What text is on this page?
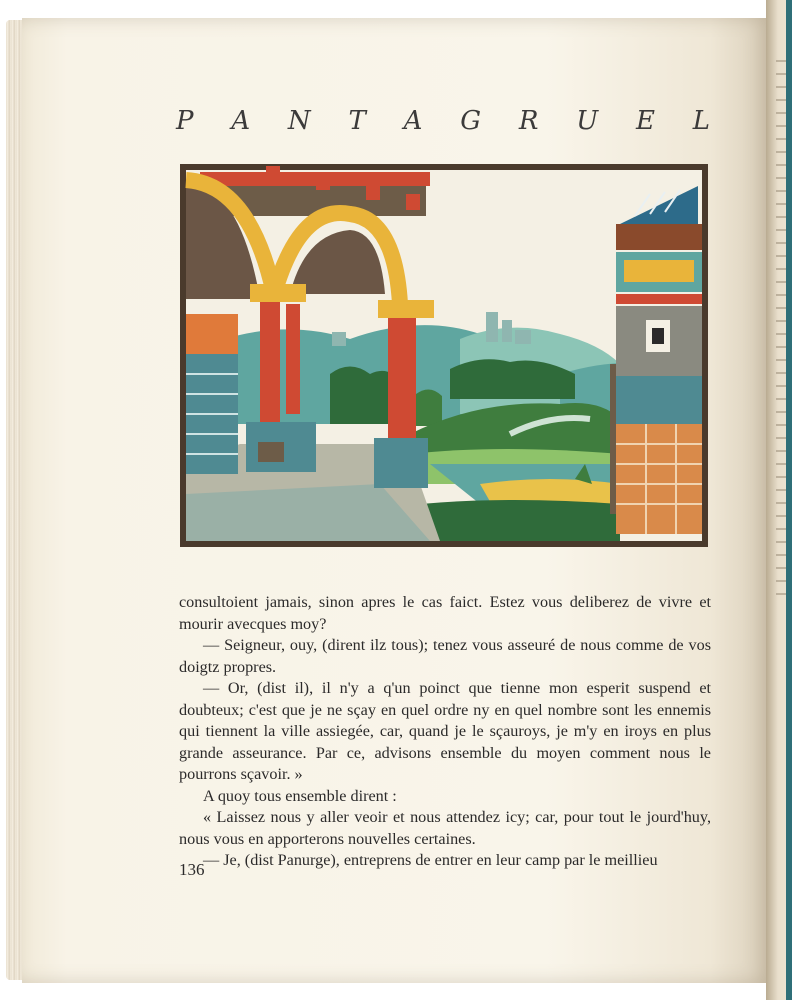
P A N T A G R U E L

consultoient jamais, sinon apres le cas faict. Estez vous deliberez de vivre et mourir avecques moy?

— Seigneur, ouy, (dirent ilz tous); tenez vous asseuré de nous comme de vos doigtz propres.

— Or, (dist il), il n'y a q'un poinct que tienne mon esperit suspend et doubteux; c'est que je ne sçay en quel ordre ny en quel nombre sont les ennemis qui tiennent la ville assiegée, car, quand je le sçauroys, je m'y en iroys en plus grande asseurance. Par ce, advisons ensemble du moyen comment nous le pourrons sçavoir. »

A quoy tous ensemble dirent :

« Laissez nous y aller veoir et nous attendez icy; car, pour tout le jourd'huy, nous vous en apporterons nouvelles certaines.

— Je, (dist Panurge), entreprens de entrer en leur camp par le meillieu

136
